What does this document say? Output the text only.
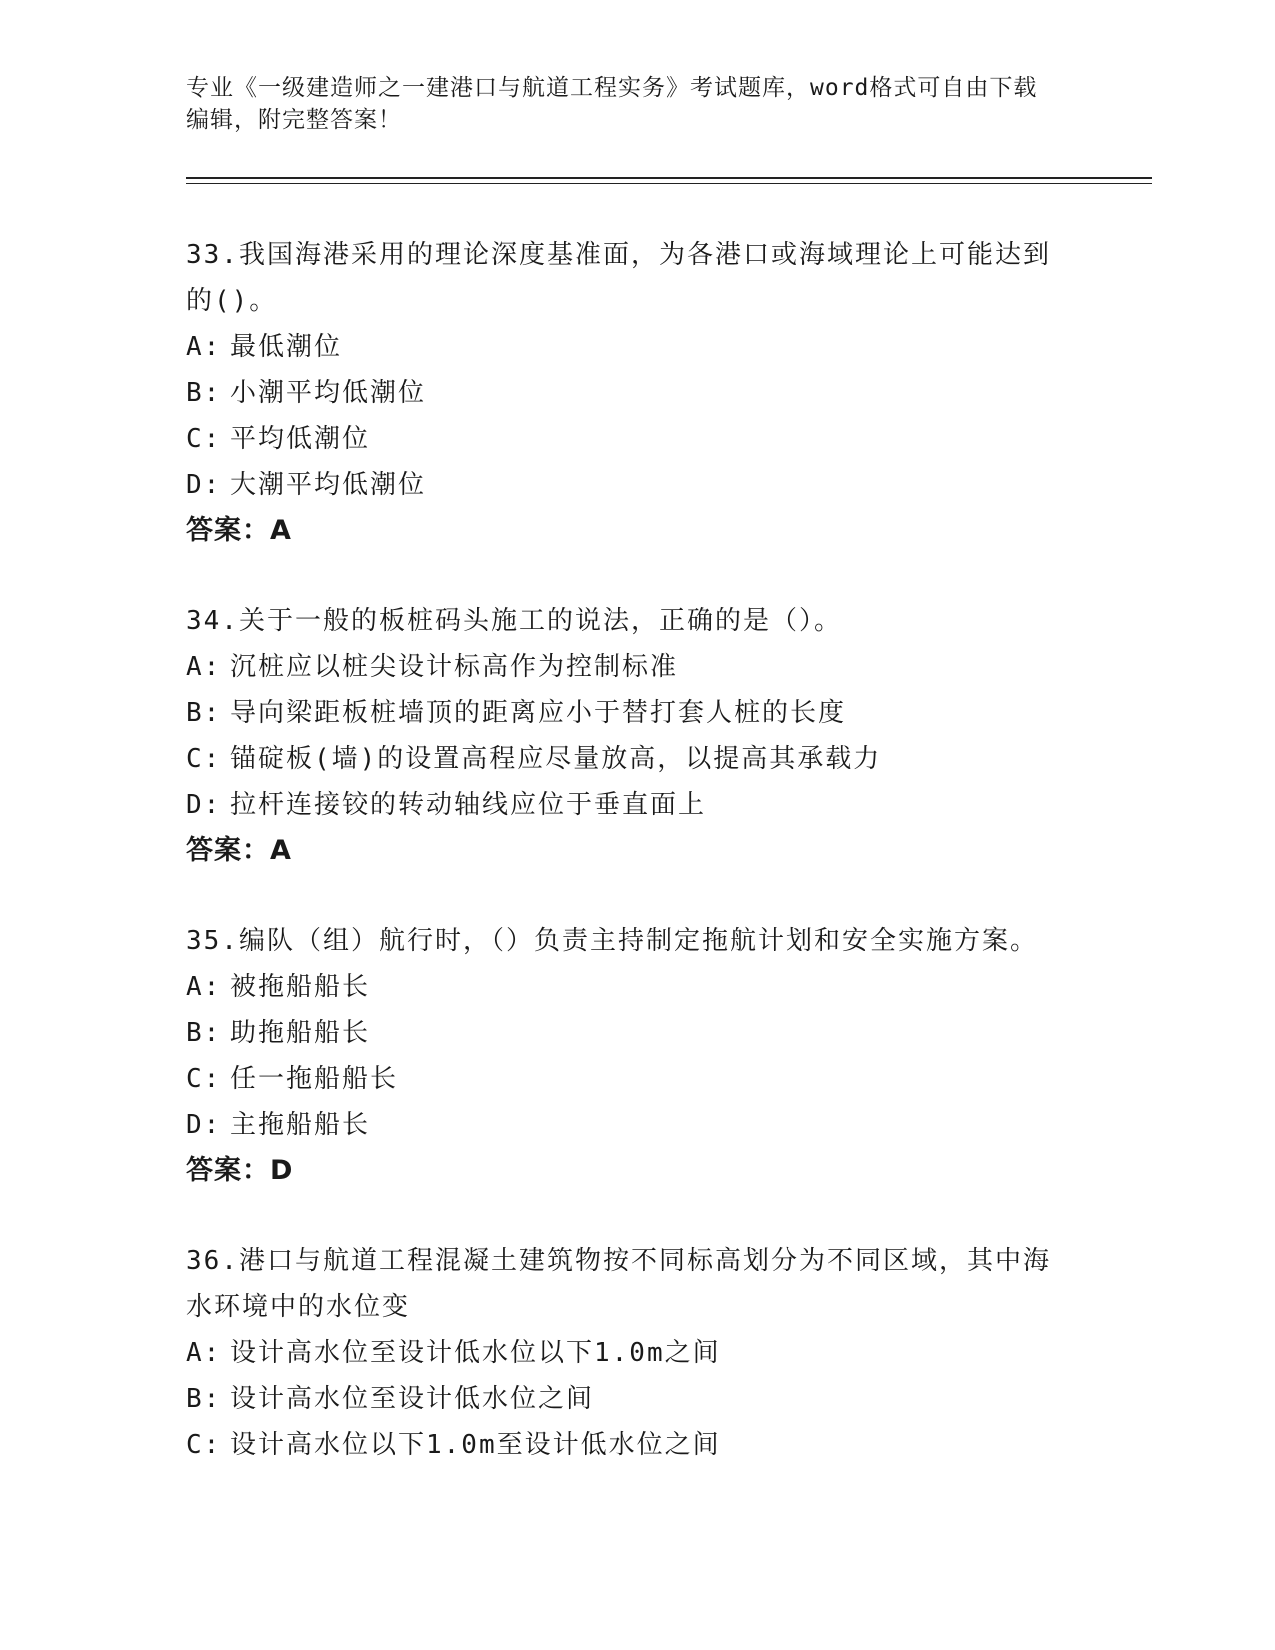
专业《一级建造师之一建港口与航道工程实务》考试题库，word格式可自由下载
编辑，附完整答案！
33.我国海港采用的理论深度基准面，为各港口或海域理论上可能达到
的()。
A: 最低潮位
B: 小潮平均低潮位
C: 平均低潮位
D: 大潮平均低潮位
答案：A
34.关于一般的板桩码头施工的说法，正确的是（）。
A: 沉桩应以桩尖设计标高作为控制标准
B: 导向梁距板桩墙顶的距离应小于替打套人桩的长度
C: 锚碇板(墙)的设置高程应尽量放高，以提高其承载力
D: 拉杆连接铰的转动轴线应位于垂直面上
答案：A
35.编队（组）航行时，（）负责主持制定拖航计划和安全实施方案。
A: 被拖船船长
B: 助拖船船长
C: 任一拖船船长
D: 主拖船船长
答案：D
36.港口与航道工程混凝土建筑物按不同标高划分为不同区域，其中海
水环境中的水位变
A: 设计高水位至设计低水位以下1.0m之间
B: 设计高水位至设计低水位之间
C: 设计高水位以下1.0m至设计低水位之间
